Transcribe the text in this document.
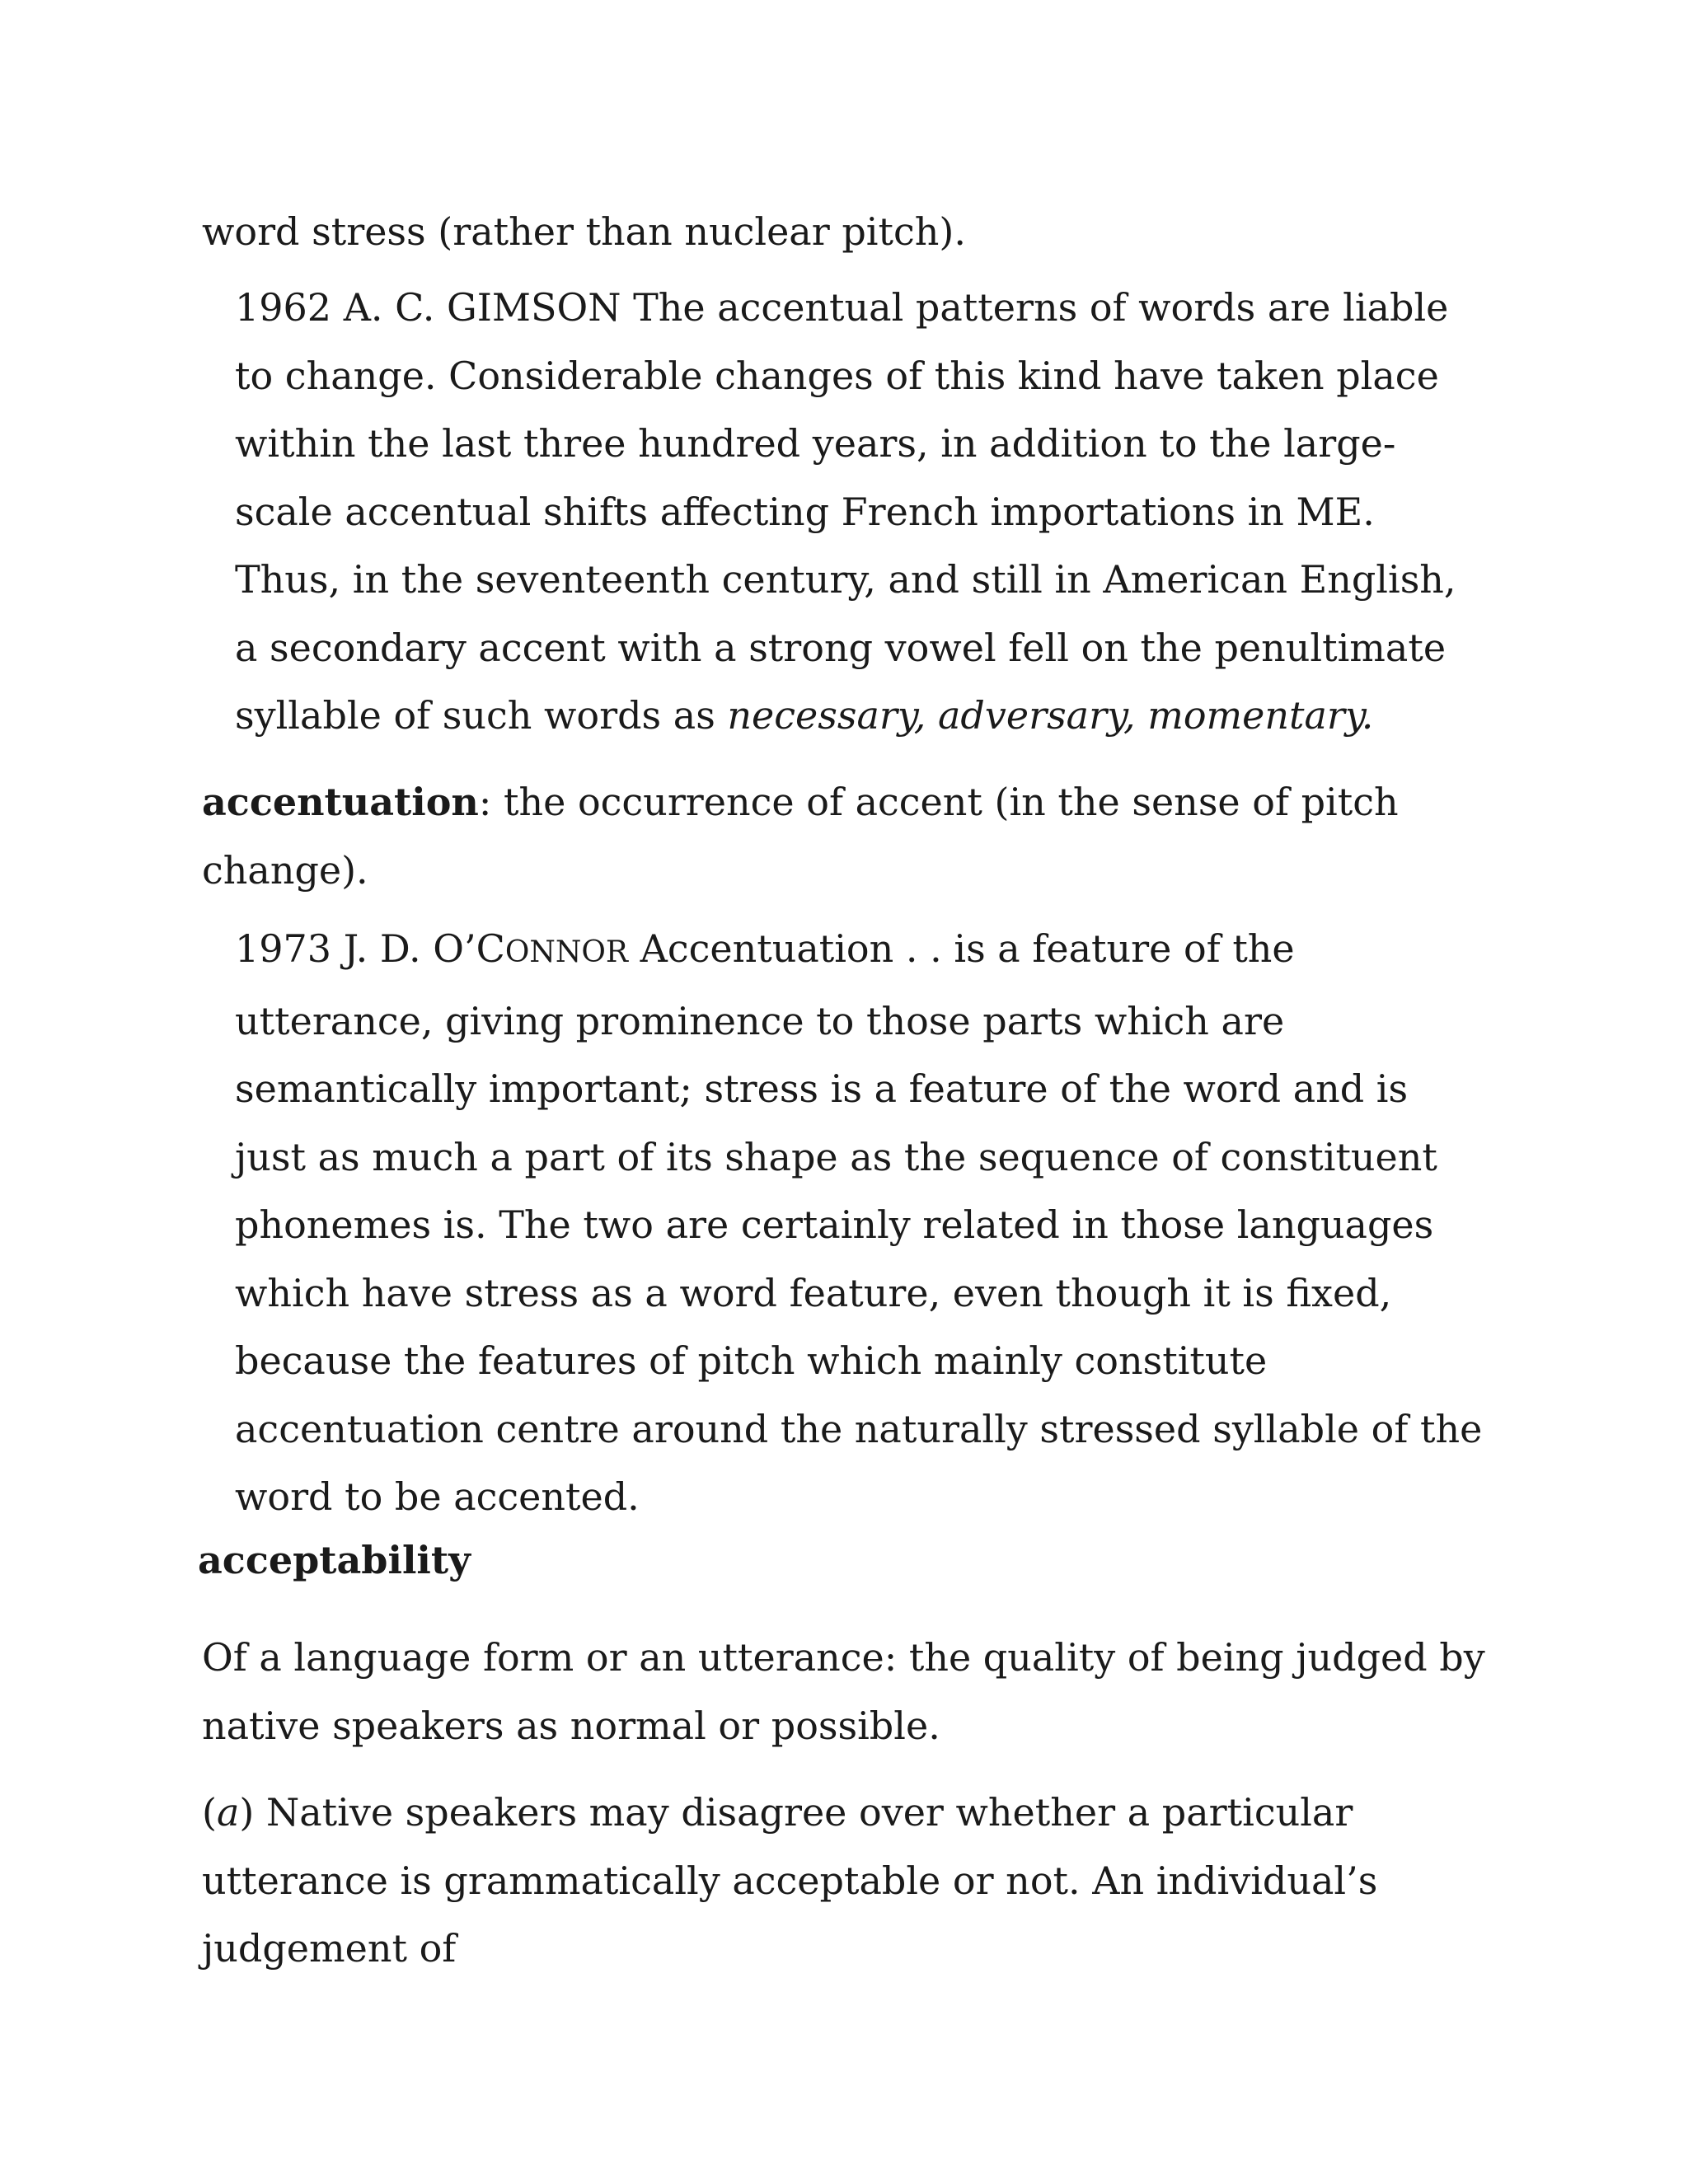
word stress (rather than nuclear pitch).

1962 A. C. GIMSON The accentual patterns of words are liable to change. Considerable changes of this kind have taken place within the last three hundred years, in addition to the large-scale accentual shifts affecting French importations in ME. Thus, in the seventeenth century, and still in American English, a secondary accent with a strong vowel fell on the penultimate syllable of such words as necessary, adversary, momentary.

accentuation: the occurrence of accent (in the sense of pitch change).

1973 J. D. O’CONNOR Accentuation . . is a feature of the utterance, giving prominence to those parts which are semantically important; stress is a feature of the word and is just as much a part of its shape as the sequence of constituent phonemes is. The two are certainly related in those languages which have stress as a word feature, even though it is fixed, because the features of pitch which mainly constitute accentuation centre around the naturally stressed syllable of the word to be accented.

acceptability

Of a language form or an utterance: the quality of being judged by native speakers as normal or possible.

(a) Native speakers may disagree over whether a particular utterance is grammatically acceptable or not. An individual’s judgement of
